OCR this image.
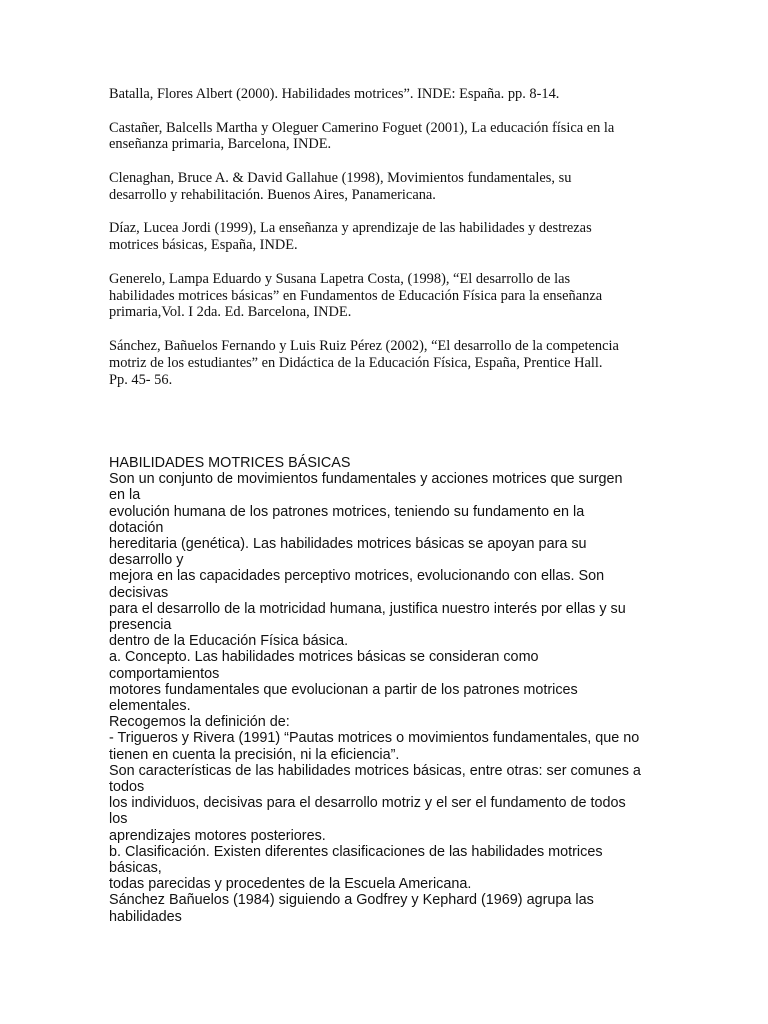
Batalla, Flores Albert (2000). Habilidades motrices”. INDE: España. pp. 8-14.
Castañer, Balcells Martha y Oleguer Camerino Foguet (2001), La educación física en la
enseñanza primaria, Barcelona, INDE.
Clenaghan, Bruce A. & David Gallahue (1998), Movimientos fundamentales, su
desarrollo y rehabilitación. Buenos Aires, Panamericana.
Díaz, Lucea Jordi (1999), La enseñanza y aprendizaje de las habilidades y destrezas
motrices básicas, España, INDE.
Generelo, Lampa Eduardo y Susana Lapetra Costa, (1998), “El desarrollo de las
habilidades motrices básicas” en Fundamentos de Educación Física para la enseñanza
primaria,Vol. I 2da. Ed. Barcelona, INDE.
Sánchez, Bañuelos Fernando y Luis Ruiz Pérez (2002), “El desarrollo de la competencia
motriz de los estudiantes” en Didáctica de la Educación Física, España, Prentice Hall.
Pp. 45- 56.
HABILIDADES MOTRICES BÁSICAS
Son un conjunto de movimientos fundamentales y acciones motrices que surgen
en la
evolución humana de los patrones motrices, teniendo su fundamento en la
dotación
hereditaria (genética). Las habilidades motrices básicas se apoyan para su
desarrollo y
mejora en las capacidades perceptivo motrices, evolucionando con ellas. Son
decisivas
para el desarrollo de la motricidad humana, justifica nuestro interés por ellas y su
presencia
dentro de la Educación Física básica.
a. Concepto. Las habilidades motrices básicas se consideran como
comportamientos
motores fundamentales que evolucionan a partir de los patrones motrices
elementales.
Recogemos la definición de:
- Trigueros y Rivera (1991) “Pautas motrices o movimientos fundamentales, que no
tienen en cuenta la precisión, ni la eficiencia”.
Son características de las habilidades motrices básicas, entre otras: ser comunes a
todos
los individuos, decisivas para el desarrollo motriz y el ser el fundamento de todos
los
aprendizajes motores posteriores.
b. Clasificación. Existen diferentes clasificaciones de las habilidades motrices
básicas,
todas parecidas y procedentes de la Escuela Americana.
Sánchez Bañuelos (1984) siguiendo a Godfrey y Kephard (1969) agrupa las
habilidades
